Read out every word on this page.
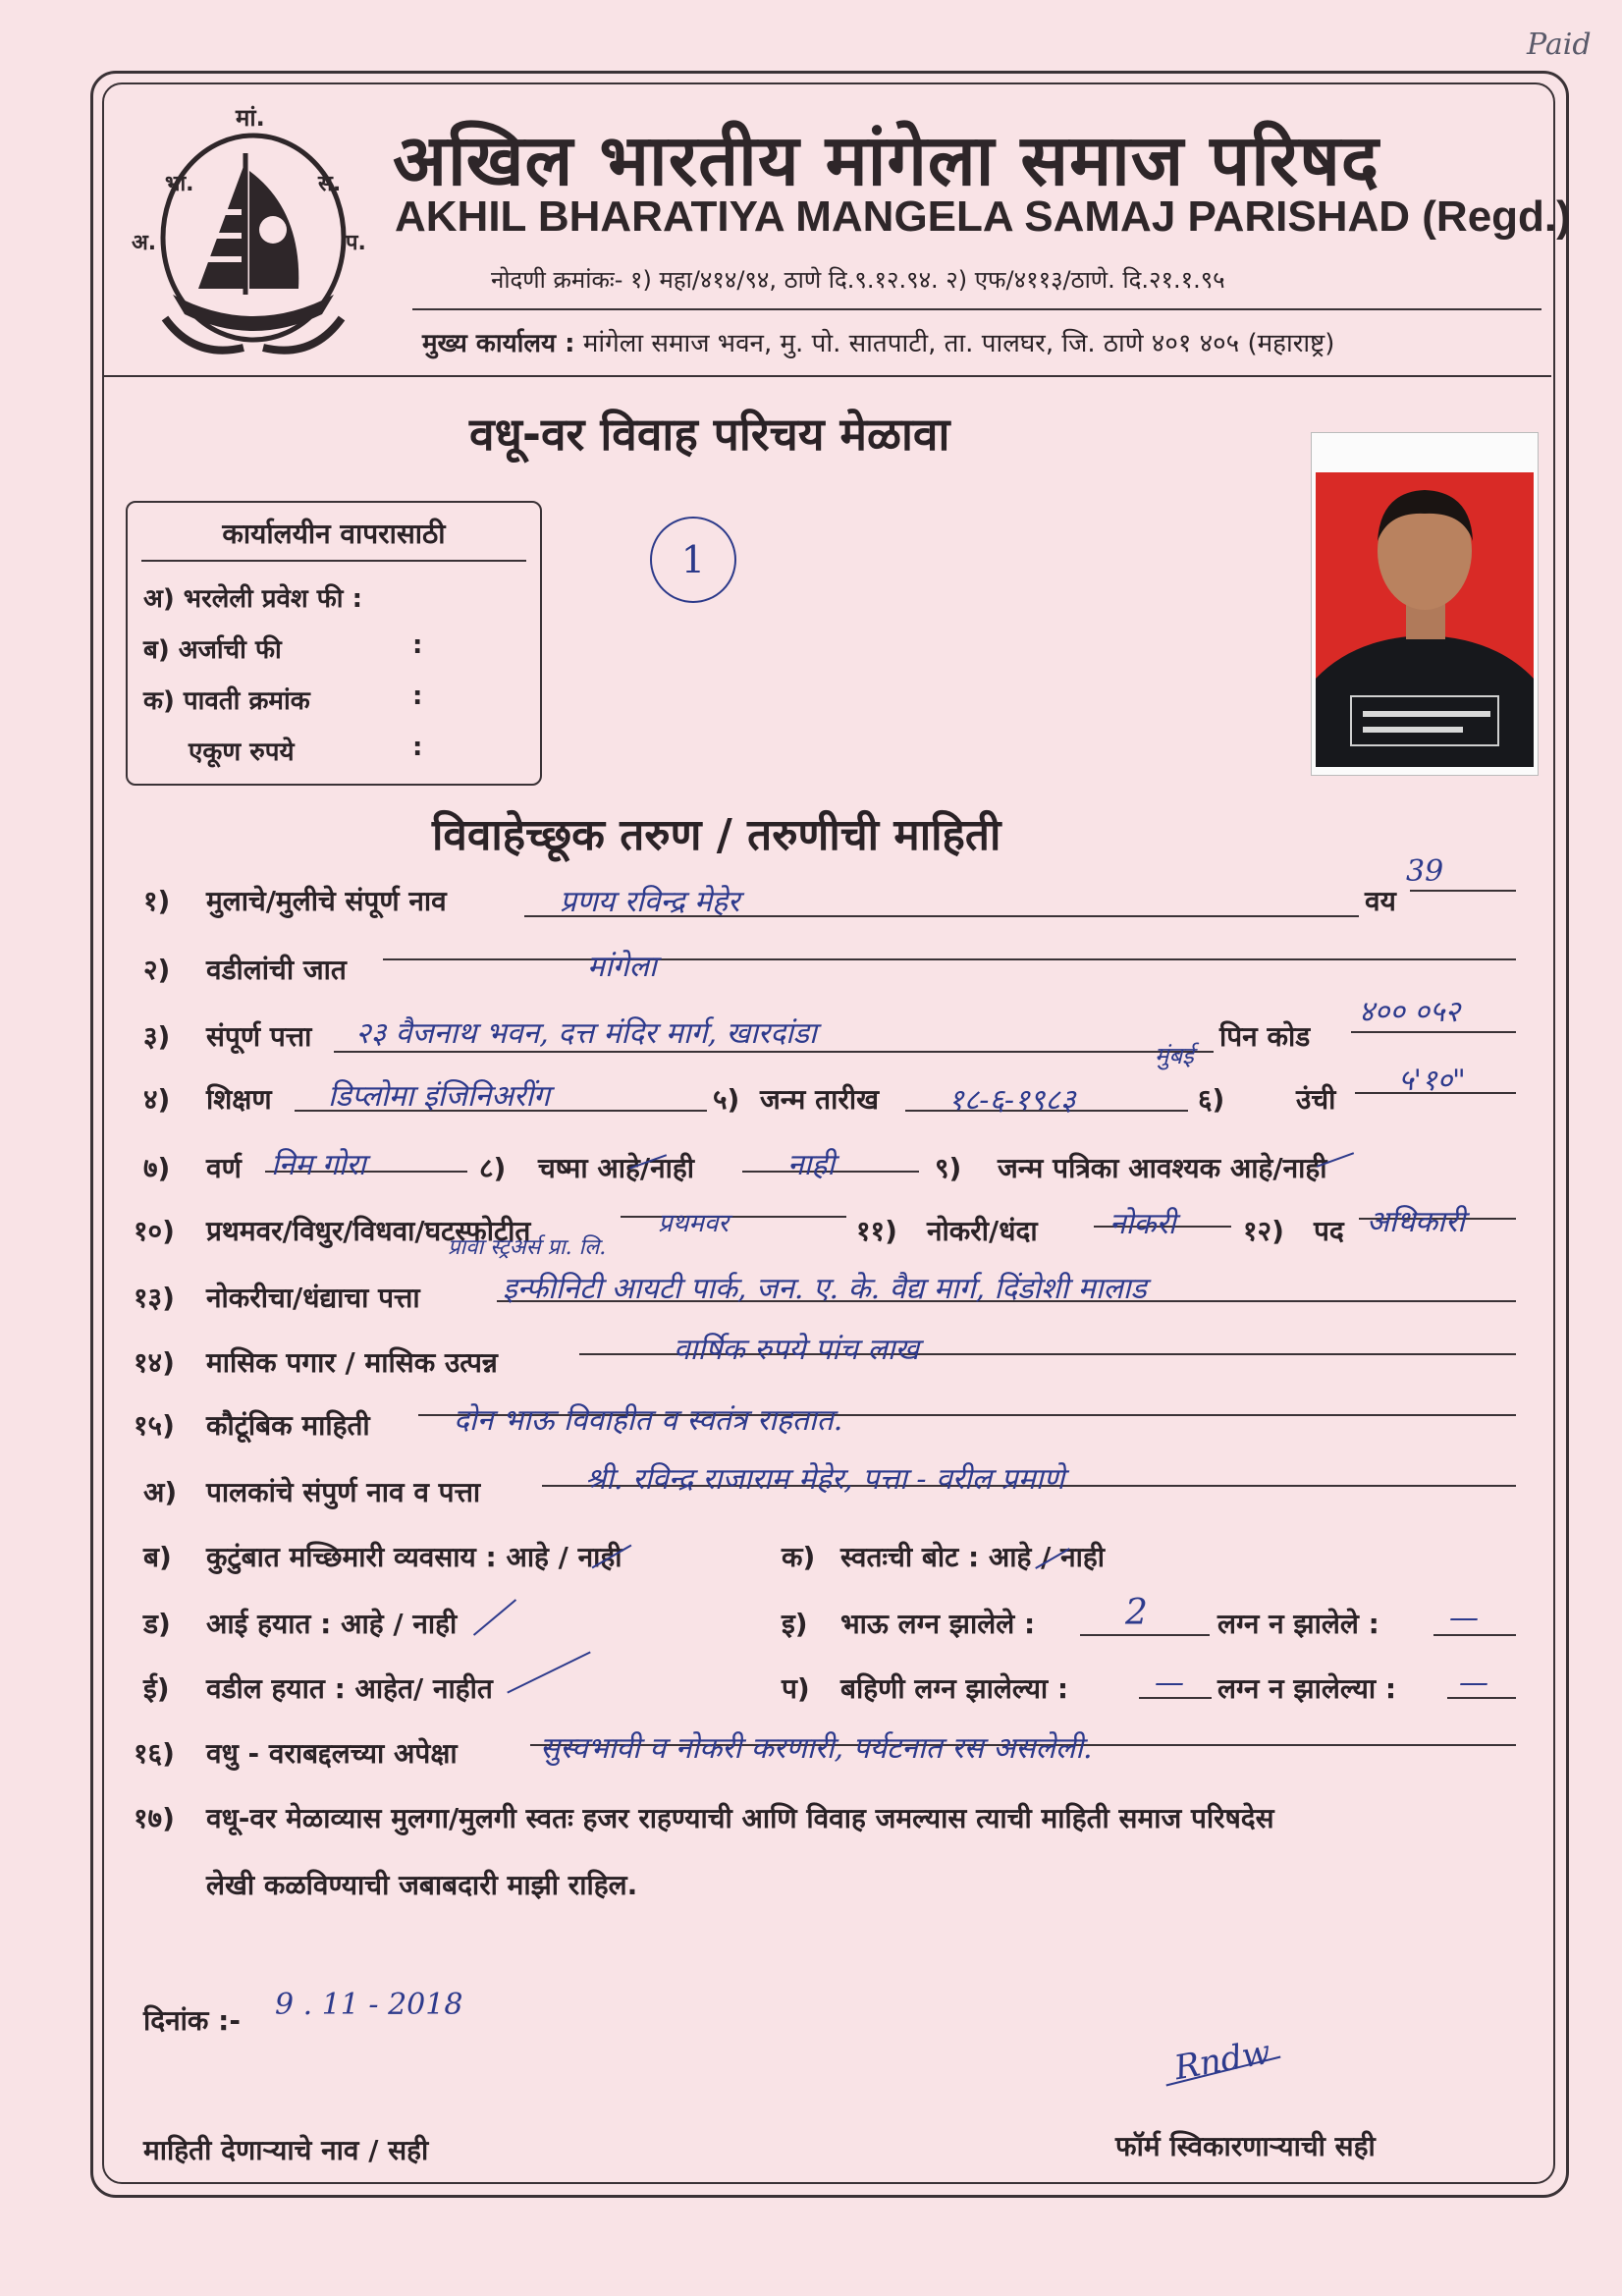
Paid
भा.
मां.
स.
अ.	प.
अखिल भारतीय मांगेला समाज परिषद
AKHIL BHARATIYA MANGELA SAMAJ PARISHAD (Regd.)
नोदणी क्रमांकः- १) महा/४१४/९४, ठाणे दि.९.१२.९४. २) एफ/४११३/ठाणे. दि.२१.१.९५
मुख्य कार्यालय : मांगेला समाज भवन, मु. पो. सातपाटी, ता. पालघर, जि. ठाणे ४०१ ४०५ (महाराष्ट्र)
वधू-वर विवाह परिचय मेळावा
कार्यालयीन वापरासाठी
अ) भरलेली प्रवेश फी :
ब) अर्जाची फी	:
क) पावती क्रमांक	:
एकूण रुपये	:
1
विवाहेच्छूक तरुण / तरुणीची माहिती
१) मुलाचे/मुलीचे संपूर्ण नाव	प्रणय रविन्द्र मेहेर	वय
39
२) वडीलांची जात	मांगेला
३) संपूर्ण पत्ता २३ वैजनाथ भवन, दत्त मंदिर मार्ग, खारदांडा
मुंबई
पिन कोड
४०० ०५२
४) शिक्षण डिप्लोमा इंजिनिअरींग	५) जन्म तारीख १८-६-१९८३	६)	उंची
५'१०"
७) वर्ण निम गोरा	८) चष्मा आहे/नाही	नाही	९) जन्म पत्रिका आवश्यक आहे/नाही
१०) प्रथमवर/विधुर/विधवा/घटस्फोटीत	प्रथमवर	११) नोकरी/धंदा नोकरी १२) पद अधिकारी
प्रावा स्ट्रअर्स प्रा. लि.
१३) नोकरीचा/धंद्याचा पत्ता	इन्फीनिटी आयटी पार्क, जन. ए. के. वैद्य मार्ग, दिंडोशी मालाड
१४) मासिक पगार / मासिक उत्पन्न	वार्षिक रुपये पांच लाख
१५) कौटूंबिक माहिती	दोन भाऊ विवाहीत व स्वतंत्र राहतात.
अ) पालकांचे संपुर्ण नाव व पत्ता	श्री. रविन्द्र राजाराम मेहेर, पत्ता - वरील प्रमाणे
ब) कुटुंबात मच्छिमारी व्यवसाय : आहे / नाही	क) स्वतःची बोट : आहे / नाही
ड) आई हयात : आहे / नाही	इ) भाऊ लग्न झालेले :	2	लग्न न झालेले : —
ई) वडील हयात : आहेत/ नाहीत	प) बहिणी लग्न झालेल्या :	— लग्न न झालेल्या : —
१६) वधु - वराबद्दलच्या अपेक्षा	सुस्वभावी व नोकरी करणारी, पर्यटनात रस असलेली.
१७) वधू-वर मेळाव्यास मुलगा/मुलगी स्वतः हजर राहण्याची आणि विवाह जमल्यास त्याची माहिती समाज परिषदेस
लेखी कळविण्याची जबाबदारी माझी राहिल.
दिनांक :- 9 . 11 - 2018
Rndw
माहिती देणाऱ्याचे नाव / सही	फॉर्म स्विकारणाऱ्याची सही
